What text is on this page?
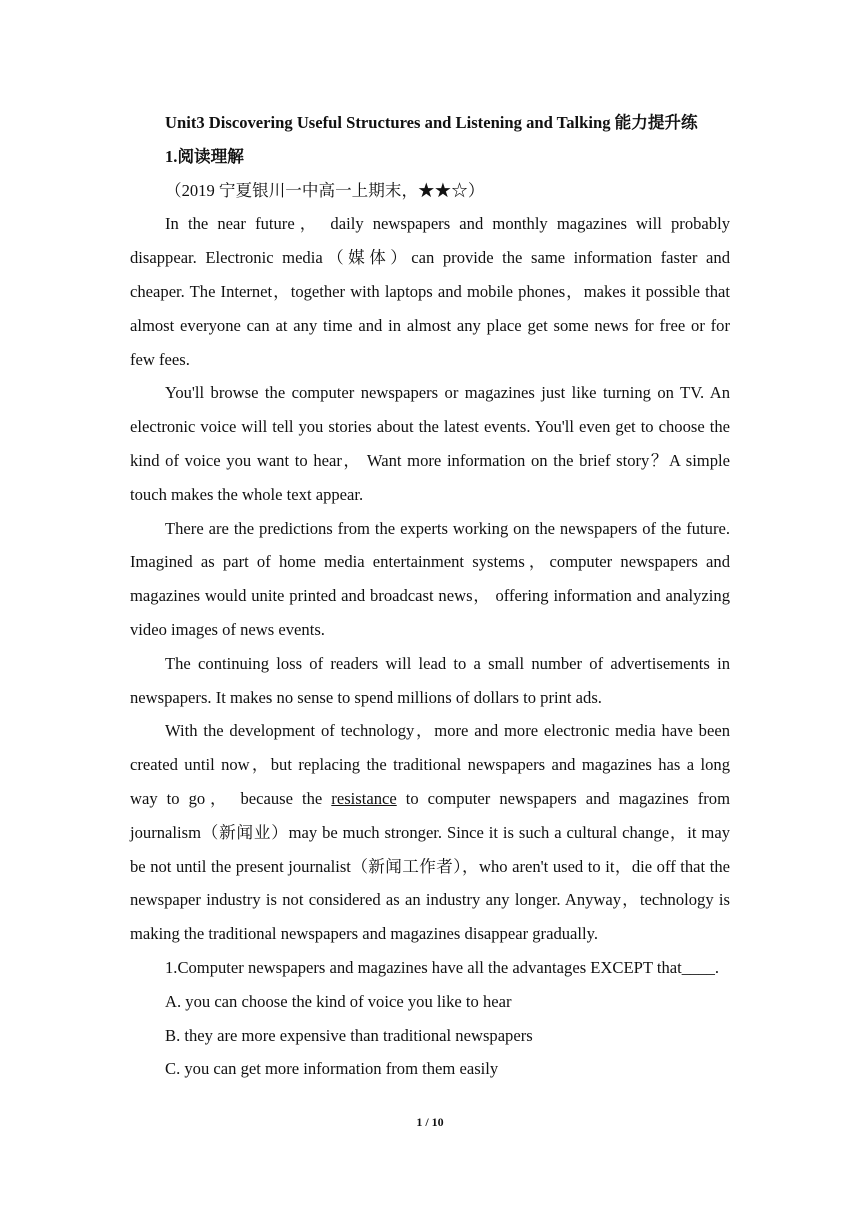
Unit3 Discovering Useful Structures and Listening and Talking 能力提升练
1.阅读理解
（2019 宁夏银川一中高一上期末，★★☆）

In the near future， daily newspapers and monthly magazines will probably disappear. Electronic media（媒体）can provide the same information faster and cheaper. The Internet，together with laptops and mobile phones，makes it possible that almost everyone can at any time and in almost any place get some news for free or for few fees.

You'll browse the computer newspapers or magazines just like turning on TV. An electronic voice will tell you stories about the latest events. You'll even get to choose the kind of voice you want to hear， Want more information on the brief story？A simple touch makes the whole text appear.

There are the predictions from the experts working on the newspapers of the future. Imagined as part of home media entertainment systems，computer newspapers and magazines would unite printed and broadcast news， offering information and analyzing video images of news events.

The continuing loss of readers will lead to a small number of advertisements in newspapers. It makes no sense to spend millions of dollars to print ads.

With the development of technology，more and more electronic media have been created until now，but replacing the traditional newspapers and magazines has a long way to go， because the resistance to computer newspapers and magazines from journalism（新闻业）may be much stronger. Since it is such a cultural change，it may be not until the present journalist（新闻工作者），who aren't used to it，die off that the newspaper industry is not considered as an industry any longer. Anyway，technology is making the traditional newspapers and magazines disappear gradually.

1.Computer newspapers and magazines have all the advantages EXCEPT that____.

A. you can choose the kind of voice you like to hear
B. they are more expensive than traditional newspapers
C. you can get more information from them easily
1 / 10
